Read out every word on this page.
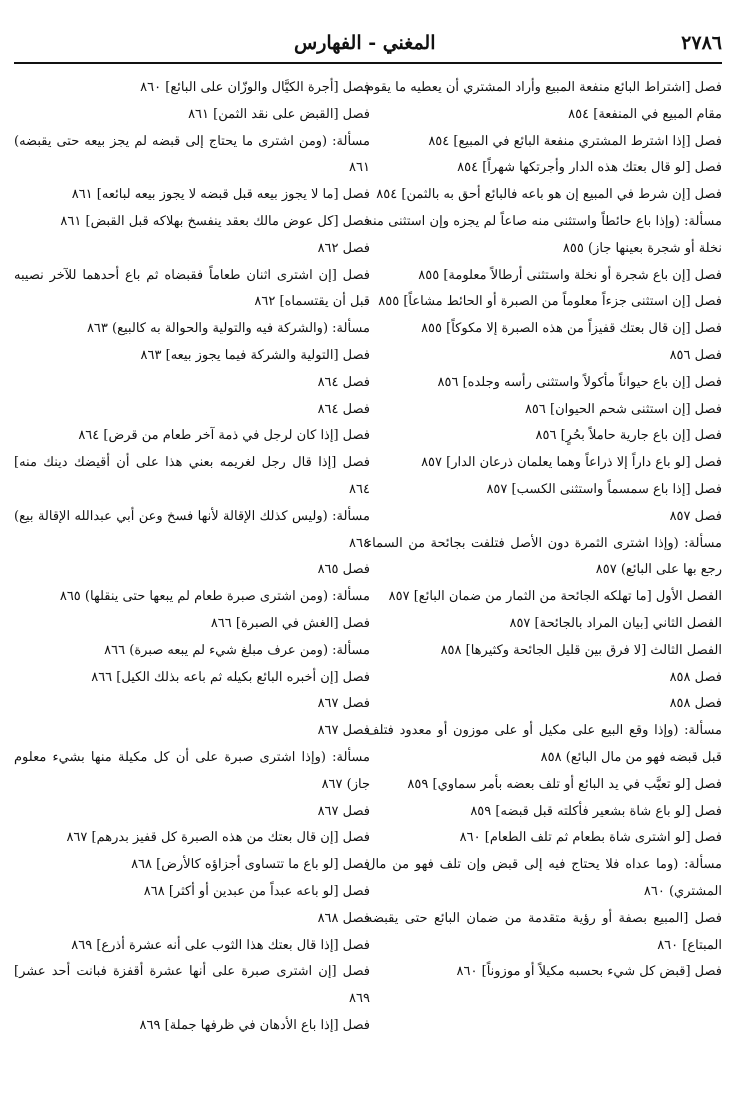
٢٧٨٦
المغني - الفهارس

فصل [اشتراط البائع منفعة المبيع وأراد المشتري أن يعطيه ما يقوم مقام المبيع في المنفعة] ٨٥٤

فصل [إذا اشترط المشتري منفعة البائع في المبيع] ٨٥٤

فصل [لو قال بعتك هذه الدار وأجرتكها شهراً] ٨٥٤

فصل [إن شرط في المبيع إن هو باعه فالبائع أحق به بالثمن] ٨٥٤

مسألة: (وإذا باع حائطاً واستثنى منه صاعاً لم يجزه وإن استثنى منه نخلة أو شجرة بعينها جاز) ٨٥٥

فصل [إن باع شجرة أو نخلة واستثنى أرطالاً معلومة] ٨٥٥

فصل [إن استثنى جزءاً معلوماً من الصبرة أو الحائط مشاعاً] ٨٥٥

فصل [إن قال بعتك قفيزاً من هذه الصبرة إلا مكوكاً] ٨٥٥

فصل ٨٥٦

فصل [إن باع حيواناً مأكولاً واستثنى رأسه وجلده] ٨٥٦

فصل [إن استثنى شحم الحيوان] ٨٥٦

فصل [إن باع جارية حاملاً بحُرٍ] ٨٥٦

فصل [لو باع داراً إلا ذراعاً وهما يعلمان ذرعان الدار] ٨٥٧

فصل [إذا باع سمسماً واستثنى الكسب] ٨٥٧

فصل ٨٥٧

مسألة: (وإذا اشترى الثمرة دون الأصل فتلفت بجائحة من السماء رجع بها على البائع) ٨٥٧

الفصل الأول [ما تهلكه الجائحة من الثمار من ضمان البائع] ٨٥٧

الفصل الثاني [بيان المراد بالجائحة] ٨٥٧

الفصل الثالث [لا فرق بين قليل الجائحة وكثيرها] ٨٥٨

فصل ٨٥٨

فصل ٨٥٨

مسألة: (وإذا وقع البيع على مكيل أو على موزون أو معدود فتلف قبل قبضه فهو من مال البائع) ٨٥٨

فصل [لو تعيَّب في يد البائع أو تلف بعضه بأمر سماوي] ٨٥٩

فصل [لو باع شاة بشعير فأكلته قبل قبضه] ٨٥٩

فصل [لو اشترى شاة بطعام ثم تلف الطعام] ٨٦٠

مسألة: (وما عداه فلا يحتاج فيه إلى قبض وإن تلف فهو من مال المشتري) ٨٦٠

فصل [المبيع بصفة أو رؤية متقدمة من ضمان البائع حتى يقبضه المبتاع] ٨٦٠

فصل [قبض كل شيء بحسبه مكيلاً أو موزوناً] ٨٦٠

فصل [أجرة الكيَّال والوزّان على البائع] ٨٦٠

فصل [القبض على نقد الثمن] ٨٦١

مسألة: (ومن اشترى ما يحتاج إلى قبضه لم يجز بيعه حتى يقبضه) ٨٦١

فصل [ما لا يجوز بيعه قبل قبضه لا يجوز بيعه لبائعه] ٨٦١

فصل [كل عوض مالك بعقد ينفسخ بهلاكه قبل القبض] ٨٦١

فصل ٨٦٢

فصل [إن اشترى اثنان طعاماً فقبضاه ثم باع أحدهما للآخر نصيبه قبل أن يقتسماه] ٨٦٢

مسألة: (والشركة فيه والتولية والحوالة به كالبيع) ٨٦٣

فصل [التولية والشركة فيما يجوز بيعه] ٨٦٣

فصل ٨٦٤

فصل ٨٦٤

فصل [إذا كان لرجل في ذمة آخر طعام من قرض] ٨٦٤

فصل [إذا قال رجل لغريمه بعني هذا على أن أقيضك دينك منه] ٨٦٤

مسألة: (وليس كذلك الإقالة لأنها فسخ وعن أبي عبدالله الإقالة بيع) ٨٦٤

فصل ٨٦٥

مسألة: (ومن اشترى صبرة طعام لم يبعها حتى ينقلها) ٨٦٥

فصل [الغش في الصبرة] ٨٦٦

مسألة: (ومن عرف مبلغ شيء لم يبعه صبرة) ٨٦٦

فصل [إن أخبره البائع بكيله ثم باعه بذلك الكيل] ٨٦٦

فصل ٨٦٧

فصل ٨٦٧

مسألة: (وإذا اشترى صبرة على أن كل مكيلة منها بشيء معلوم جاز) ٨٦٧

فصل ٨٦٧

فصل [إن قال بعتك من هذه الصبرة كل قفيز بدرهم] ٨٦٧

فصل [لو باع ما تتساوى أجزاؤه كالأرض] ٨٦٨

فصل [لو باعه عبداً من عبدين أو أكثر] ٨٦٨

فصل ٨٦٨

فصل [إذا قال بعتك هذا الثوب على أنه عشرة أذرع] ٨٦٩

فصل [إن اشترى صبرة على أنها عشرة أقفزة فبانت أحد عشر] ٨٦٩

فصل [إذا باع الأدهان في ظرفها جملة] ٨٦٩
